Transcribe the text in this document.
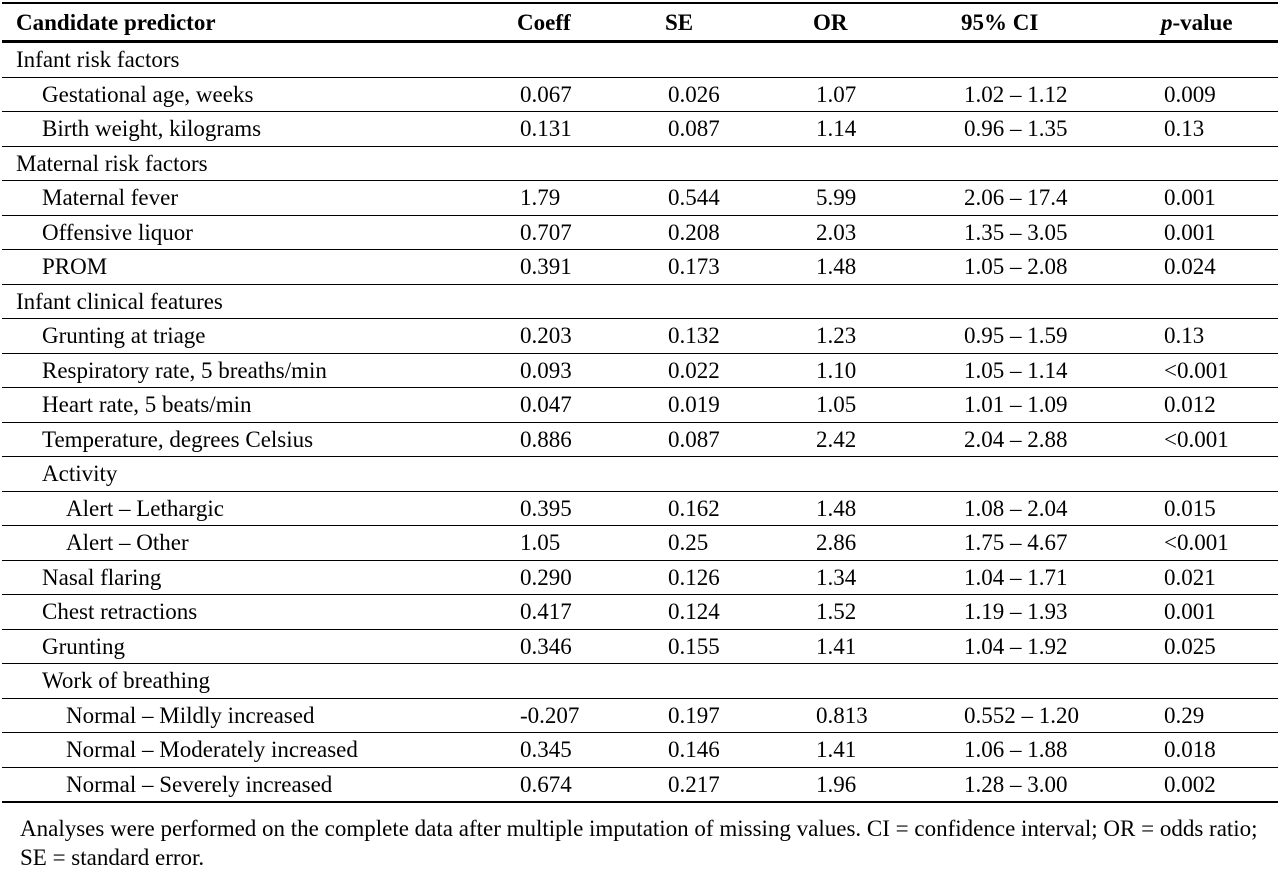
Candidate predictor	Coeff	SE	OR	95% CI	p-value
Infant risk factors					
Gestational age, weeks	0.067	0.026	1.07	1.02 – 1.12	0.009
Birth weight, kilograms	0.131	0.087	1.14	0.96 – 1.35	0.13
Maternal risk factors					
Maternal fever	1.79	0.544	5.99	2.06 – 17.4	0.001
Offensive liquor	0.707	0.208	2.03	1.35 – 3.05	0.001
PROM	0.391	0.173	1.48	1.05 – 2.08	0.024
Infant clinical features					
Grunting at triage	0.203	0.132	1.23	0.95 – 1.59	0.13
Respiratory rate, 5 breaths/min	0.093	0.022	1.10	1.05 – 1.14	<0.001
Heart rate, 5 beats/min	0.047	0.019	1.05	1.01 – 1.09	0.012
Temperature, degrees Celsius	0.886	0.087	2.42	2.04 – 2.88	<0.001
Activity					
Alert – Lethargic	0.395	0.162	1.48	1.08 – 2.04	0.015
Alert – Other	1.05	0.25	2.86	1.75 – 4.67	<0.001
Nasal flaring	0.290	0.126	1.34	1.04 – 1.71	0.021
Chest retractions	0.417	0.124	1.52	1.19 – 1.93	0.001
Grunting	0.346	0.155	1.41	1.04 – 1.92	0.025
Work of breathing					
Normal – Mildly increased	-0.207	0.197	0.813	0.552 – 1.20	0.29
Normal – Moderately increased	0.345	0.146	1.41	1.06 – 1.88	0.018
Normal – Severely increased	0.674	0.217	1.96	1.28 – 3.00	0.002
Analyses were performed on the complete data after multiple imputation of missing values. CI = confidence interval; OR = odds ratio; SE = standard error.
